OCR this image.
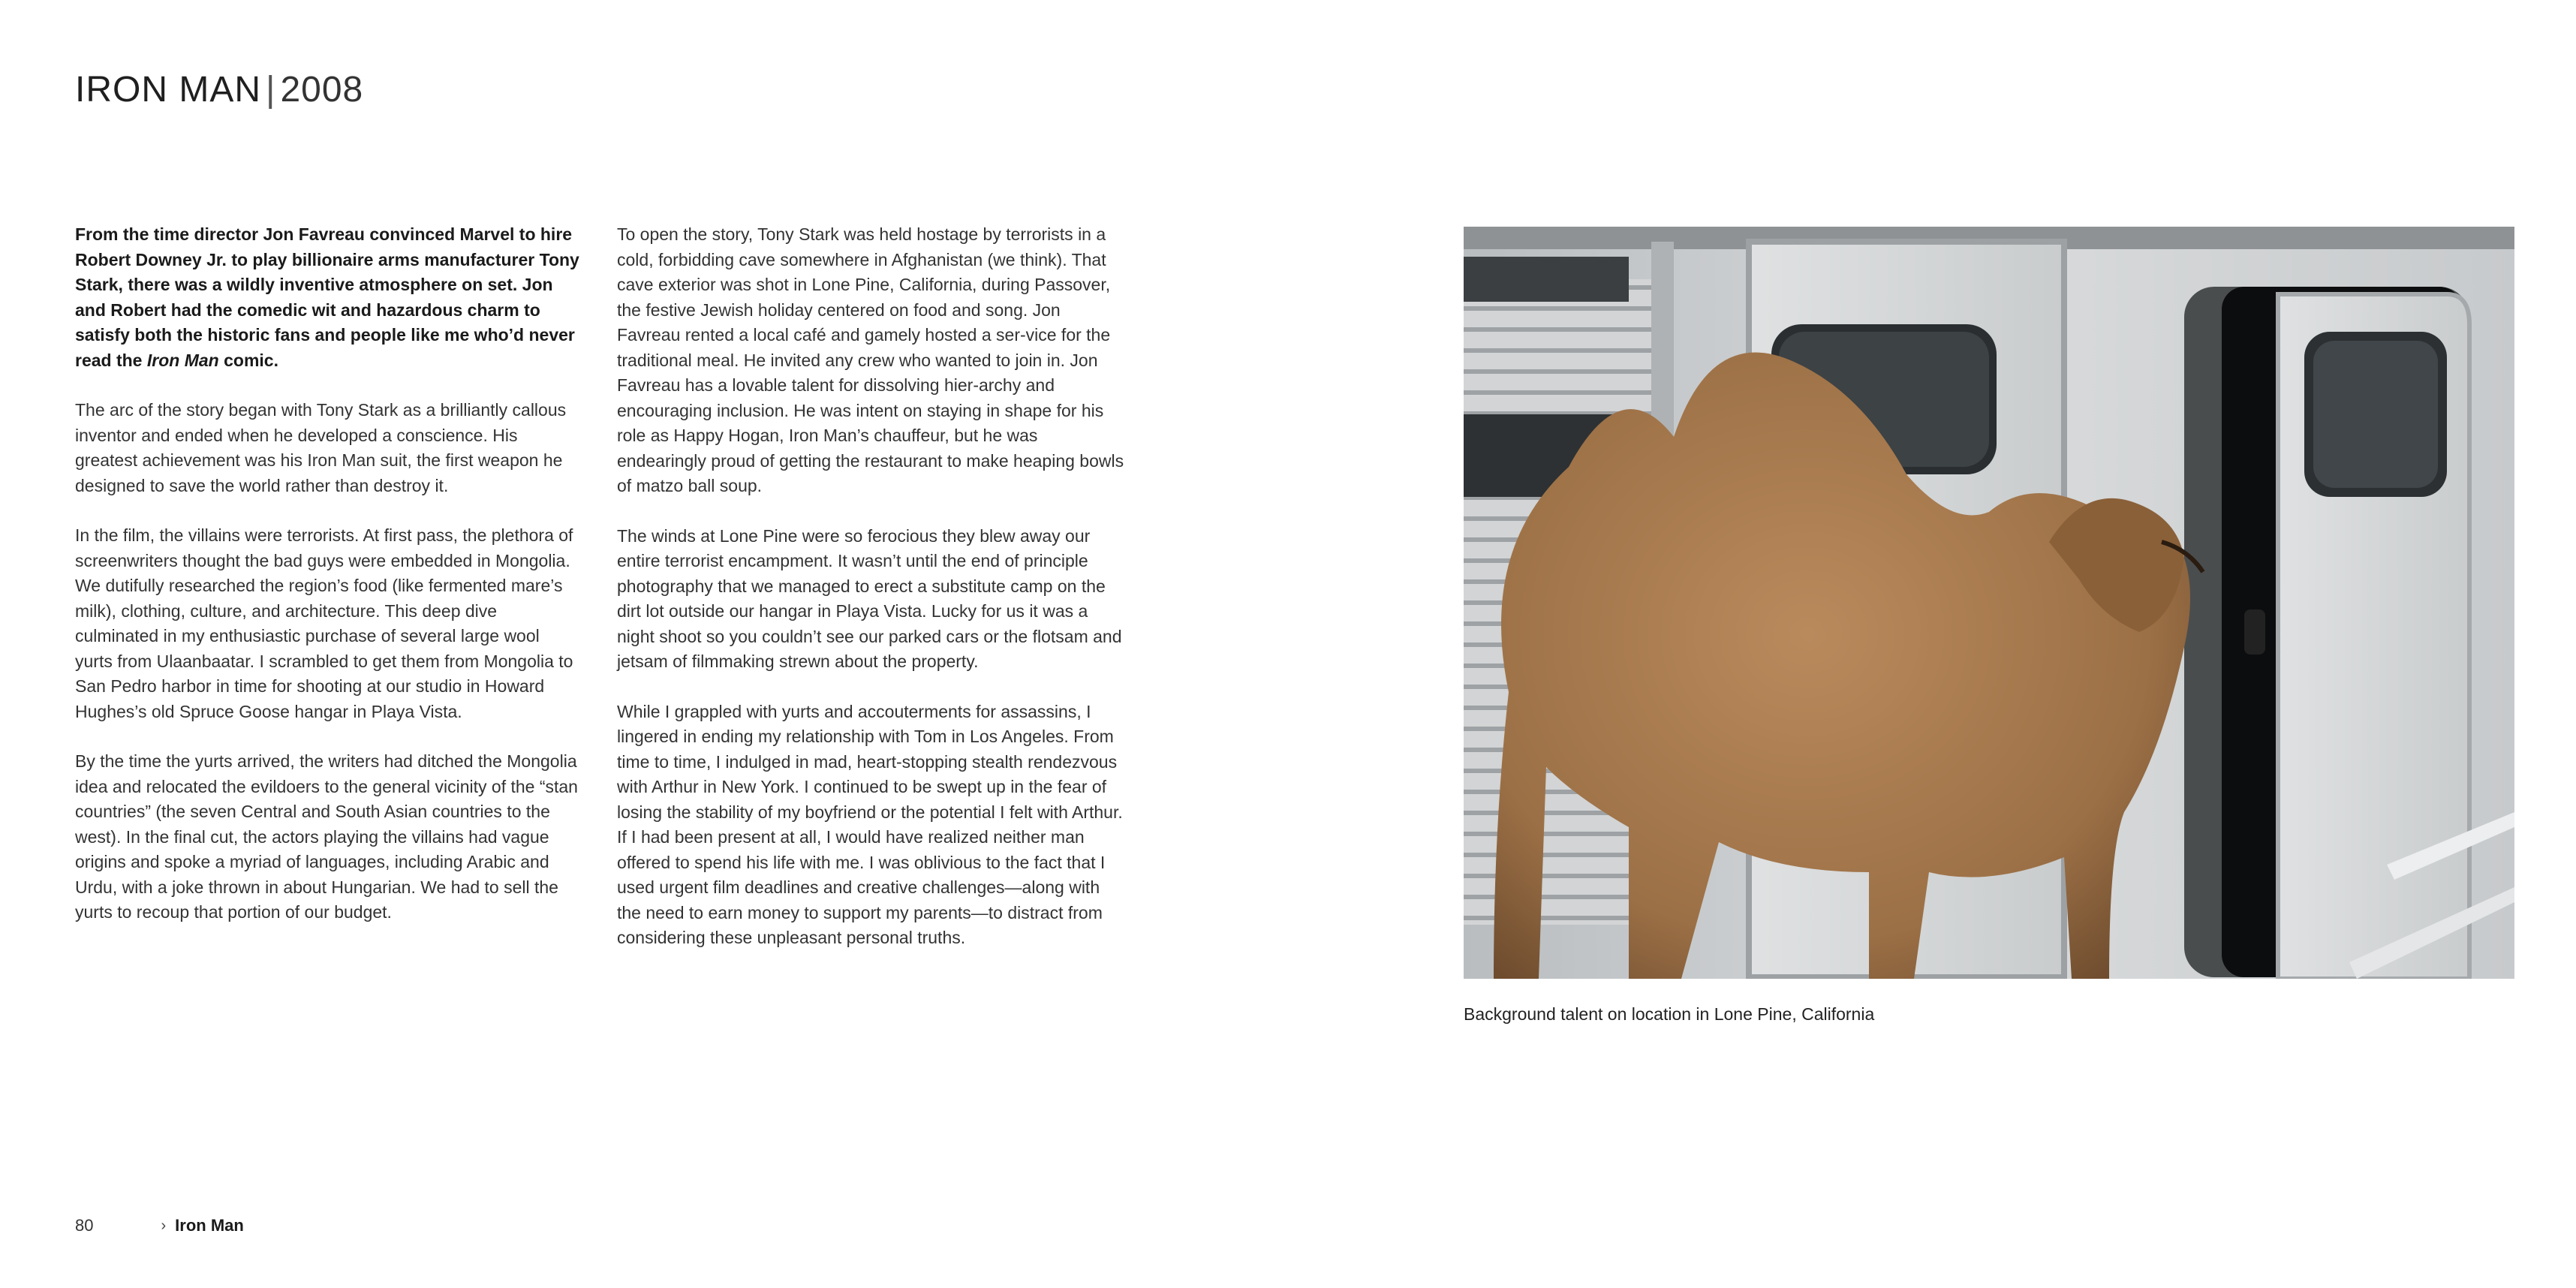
IRON MAN | 2008

From the time director Jon Favreau convinced Marvel to hire Robert Downey Jr. to play billionaire arms manufacturer Tony Stark, there was a wildly inventive atmosphere on set. Jon and Robert had the comedic wit and hazardous charm to satisfy both the historic fans and people like me who’d never read the Iron Man comic.

The arc of the story began with Tony Stark as a brilliantly callous inventor and ended when he developed a conscience. His greatest achievement was his Iron Man suit, the first weapon he designed to save the world rather than destroy it.

In the film, the villains were terrorists. At first pass, the plethora of screenwriters thought the bad guys were embedded in Mongolia. We dutifully researched the region’s food (like fermented mare’s milk), clothing, culture, and architecture. This deep dive culminated in my enthusiastic purchase of several large wool yurts from Ulaanbaatar. I scrambled to get them from Mongolia to San Pedro harbor in time for shooting at our studio in Howard Hughes’s old Spruce Goose hangar in Playa Vista.

By the time the yurts arrived, the writers had ditched the Mongolia idea and relocated the evildoers to the general vicinity of the “stan countries” (the seven Central and South Asian countries to the west). In the final cut, the actors playing the villains had vague origins and spoke a myriad of languages, including Arabic and Urdu, with a joke thrown in about Hungarian. We had to sell the yurts to recoup that portion of our budget.

To open the story, Tony Stark was held hostage by terrorists in a cold, forbidding cave somewhere in Afghanistan (we think). That cave exterior was shot in Lone Pine, California, during Passover, the festive Jewish holiday centered on food and song. Jon Favreau rented a local café and gamely hosted a ser-vice for the traditional meal. He invited any crew who wanted to join in. Jon Favreau has a lovable talent for dissolving hier-archy and encouraging inclusion. He was intent on staying in shape for his role as Happy Hogan, Iron Man’s chauffeur, but he was endearingly proud of getting the restaurant to make heaping bowls of matzo ball soup.

The winds at Lone Pine were so ferocious they blew away our entire terrorist encampment. It wasn’t until the end of principle photography that we managed to erect a substitute camp on the dirt lot outside our hangar in Playa Vista. Lucky for us it was a night shoot so you couldn’t see our parked cars or the flotsam and jetsam of filmmaking strewn about the property.

While I grappled with yurts and accouterments for assassins, I lingered in ending my relationship with Tom in Los Angeles. From time to time, I indulged in mad, heart-stopping stealth rendezvous with Arthur in New York. I continued to be swept up in the fear of losing the stability of my boyfriend or the potential I felt with Arthur. If I had been present at all, I would have realized neither man offered to spend his life with me. I was oblivious to the fact that I used urgent film deadlines and creative challenges—along with the need to earn money to support my parents—to distract from considering these unpleasant personal truths.

Background talent on location in Lone Pine, California
80	› Iron Man
